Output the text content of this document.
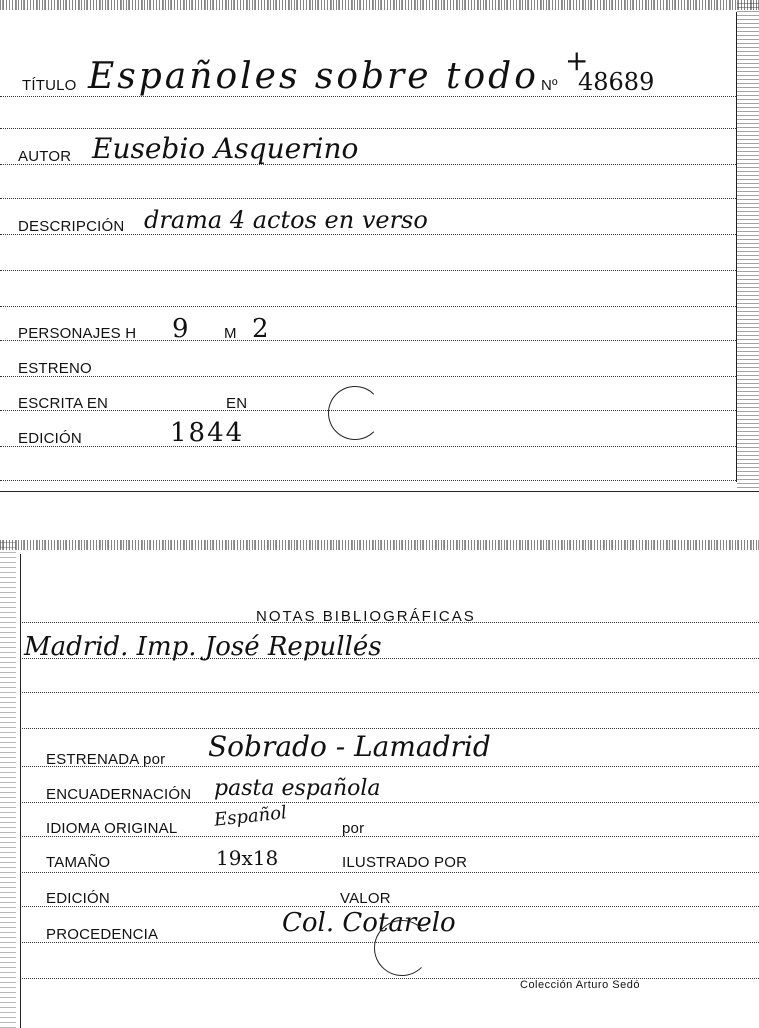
TÍTULO Españoles sobre todo +
Nº 48689
AUTOR Eusebio Asquerino
DESCRIPCIÓN drama 4 actos en verso
PERSONAJES H 9 M 2
ESTRENO
ESCRITA EN	EN
EDICIÓN	1844
NOTAS BIBLIOGRÁFICAS
Madrid. Imp. José Repullés
ESTRENADA por Sobrado - Lamadrid
ENCUADERNACIÓN pasta española
IDIOMA ORIGINAL Español	por
TAMAÑO	19x18	ILUSTRADO POR
EDICIÓN	VALOR
PROCEDENCIA	Col. Cotarelo
Colección Arturo Sedó
